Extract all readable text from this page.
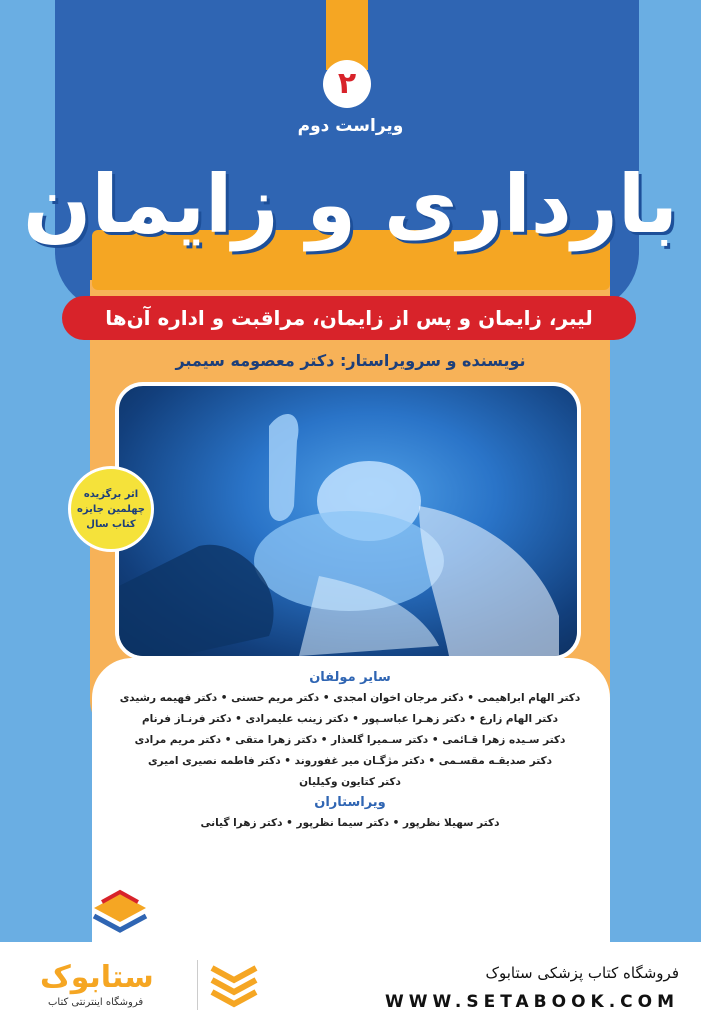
۲
ویراست دوم
بارداری و زایمان
لیبر، زایمان و پس از زایمان، مراقبت و اداره آن‌ها
نویسنده و سرویراستار: دکتر معصومه سیمبر
اثر برگزیده
چهلمین جایزه
کتاب سال
سایر مولفان
دکتر الهام ابراهیمی • دکتر مرجان اخوان امجدی • دکتر مریم حسنی • دکتر فهیمه رشیدی
دکتر الهام زارع • دکتر زهـرا عباسـپور • دکتر زینب علیمرادی • دکتر فرنـاز فرنام
دکتر سـیده زهرا قـائمی • دکتر سـمیرا گلعذار • دکتر زهرا متقی • دکتر مریم مرادی
دکتر صدیقـه مقسـمی • دکتر مژگـان میر غفوروند • دکتر فاطمه نصیری امیری
دکتر کتایون وکیلیان
ویراستاران
دکتر سهیلا نظرپور • دکتر سیما نظرپور • دکتر زهرا گیانی
ستابوک
فروشگاه اینترنتی کتاب
فروشگاه کتاب پزشکی ستابوک
WWW.SETABOOK.COM
